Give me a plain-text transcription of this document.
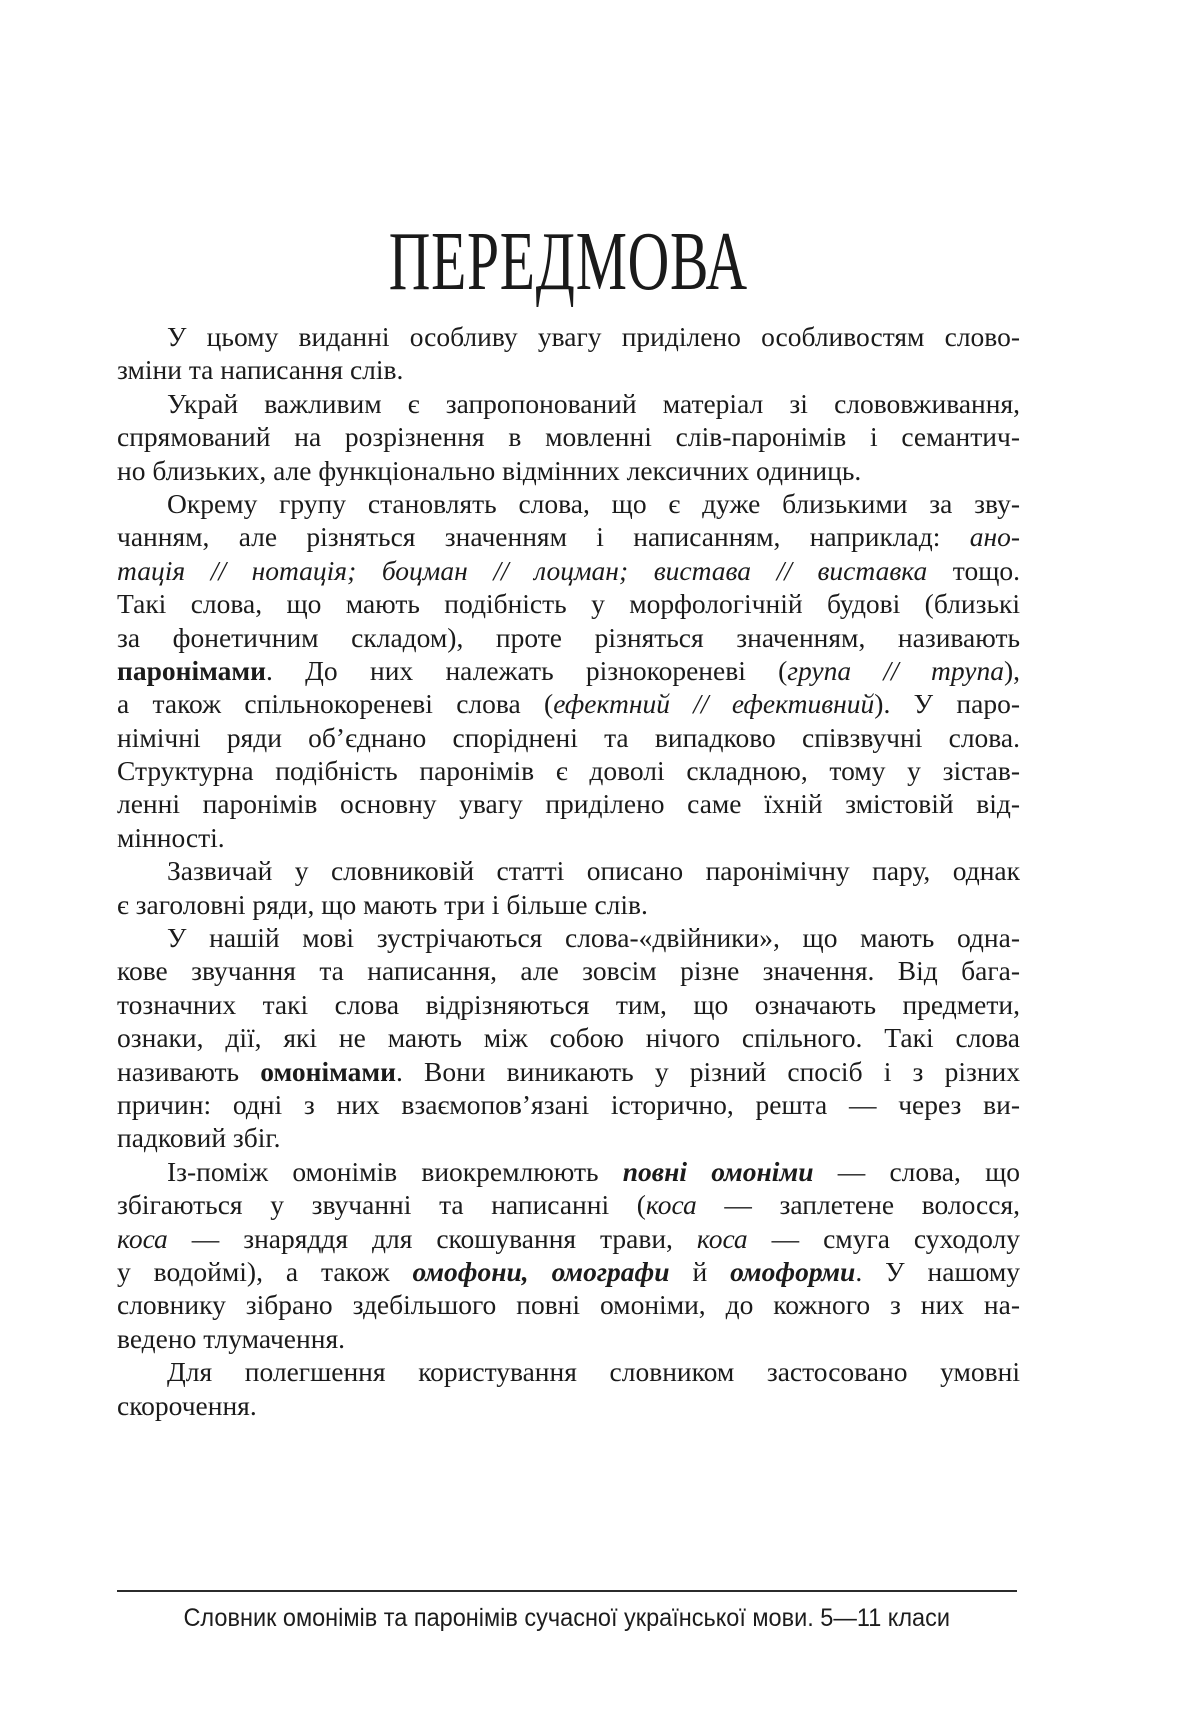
ПЕРЕДМОВА
У цьому виданні особливу увагу приділено особливостям слово-
зміни та написання слів.
Украй важливим є запропонований матеріал зі слововживання,
спрямований на розрізнення в мовленні слів-паронімів і семантич-
но близьких, але функціонально відмінних лексичних одиниць.
Окрему групу становлять слова, що є дуже близькими за зву-
чанням, але різняться значенням і написанням, наприклад: ано-
тація // нотація; боцман // лоцман; вистава // виставка тощо.
Такі слова, що мають подібність у морфологічній будові (близькі
за фонетичним складом), проте різняться значенням, називають
паронімами. До них належать різнокореневі (група // трупа),
а також спільнокореневі слова (ефектний // ефективний). У паро-
німічні ряди об’єднано споріднені та випадково співзвучні слова.
Структурна подібність паронімів є доволі складною, тому у зістав-
ленні паронімів основну увагу приділено саме їхній змістовій від-
мінності.
Зазвичай у словниковій статті описано паронімічну пару, однак
є заголовні ряди, що мають три і більше слів.
У нашій мові зустрічаються слова-«двійники», що мають одна-
кове звучання та написання, але зовсім різне значення. Від бага-
тозначних такі слова відрізняються тим, що означають предмети,
ознаки, дії, які не мають між собою нічого спільного. Такі слова
називають омонімами. Вони виникають у різний спосіб і з різних
причин: одні з них взаємопов’язані історично, решта — через ви-
падковий збіг.
Із-поміж омонімів виокремлюють повні омоніми — слова, що
збігаються у звучанні та написанні (коса — заплетене волосся,
коса — знаряддя для скошування трави, коса — смуга суходолу
у водоймі), а також омофони, омографи й омоформи. У нашому
словнику зібрано здебільшого повні омоніми, до кожного з них на-
ведено тлумачення.
Для полегшення користування словником застосовано умовні
скорочення.
Словник омонімів та паронімів сучасної української мови. 5—11 класи
